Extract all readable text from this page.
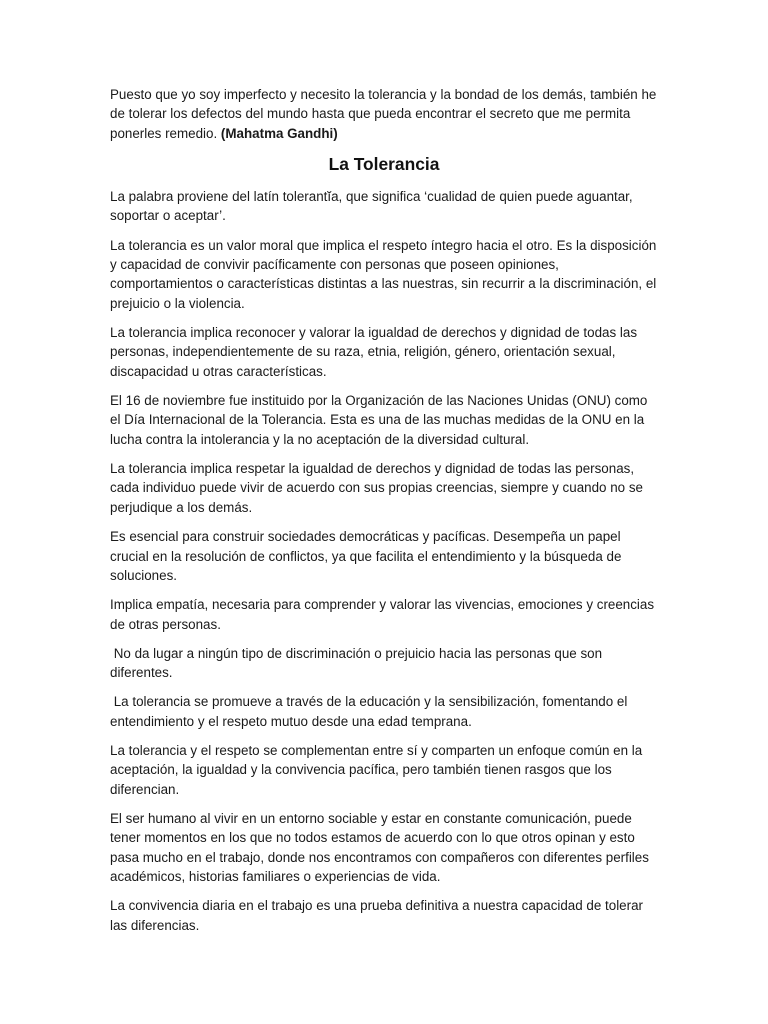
Puesto que yo soy imperfecto y necesito la tolerancia y la bondad de los demás, también he de tolerar los defectos del mundo hasta que pueda encontrar el secreto que me permita ponerles remedio. (Mahatma Gandhi)

La Tolerancia

La palabra proviene del latín tolerantĭa, que significa ‘cualidad de quien puede aguantar, soportar o aceptar’.

La tolerancia es un valor moral que implica el respeto íntegro hacia el otro. Es la disposición y capacidad de convivir pacíficamente con personas que poseen opiniones, comportamientos o características distintas a las nuestras, sin recurrir a la discriminación, el prejuicio o la violencia.

La tolerancia implica reconocer y valorar la igualdad de derechos y dignidad de todas las personas, independientemente de su raza, etnia, religión, género, orientación sexual, discapacidad u otras características.

El 16 de noviembre fue instituido por la Organización de las Naciones Unidas (ONU) como el Día Internacional de la Tolerancia. Esta es una de las muchas medidas de la ONU en la lucha contra la intolerancia y la no aceptación de la diversidad cultural.

La tolerancia implica respetar la igualdad de derechos y dignidad de todas las personas, cada individuo puede vivir de acuerdo con sus propias creencias, siempre y cuando no se perjudique a los demás.

Es esencial para construir sociedades democráticas y pacíficas. Desempeña un papel crucial en la resolución de conflictos, ya que facilita el entendimiento y la búsqueda de soluciones.

Implica empatía, necesaria para comprender y valorar las vivencias, emociones y creencias de otras personas.

No da lugar a ningún tipo de discriminación o prejuicio hacia las personas que son diferentes.

La tolerancia se promueve a través de la educación y la sensibilización, fomentando el entendimiento y el respeto mutuo desde una edad temprana.

La tolerancia y el respeto se complementan entre sí y comparten un enfoque común en la aceptación, la igualdad y la convivencia pacífica, pero también tienen rasgos que los diferencian.

El ser humano al vivir en un entorno sociable y estar en constante comunicación, puede tener momentos en los que no todos estamos de acuerdo con lo que otros opinan y esto pasa mucho en el trabajo, donde nos encontramos con compañeros con diferentes perfiles académicos, historias familiares o experiencias de vida.

La convivencia diaria en el trabajo es una prueba definitiva a nuestra capacidad de tolerar las diferencias.
